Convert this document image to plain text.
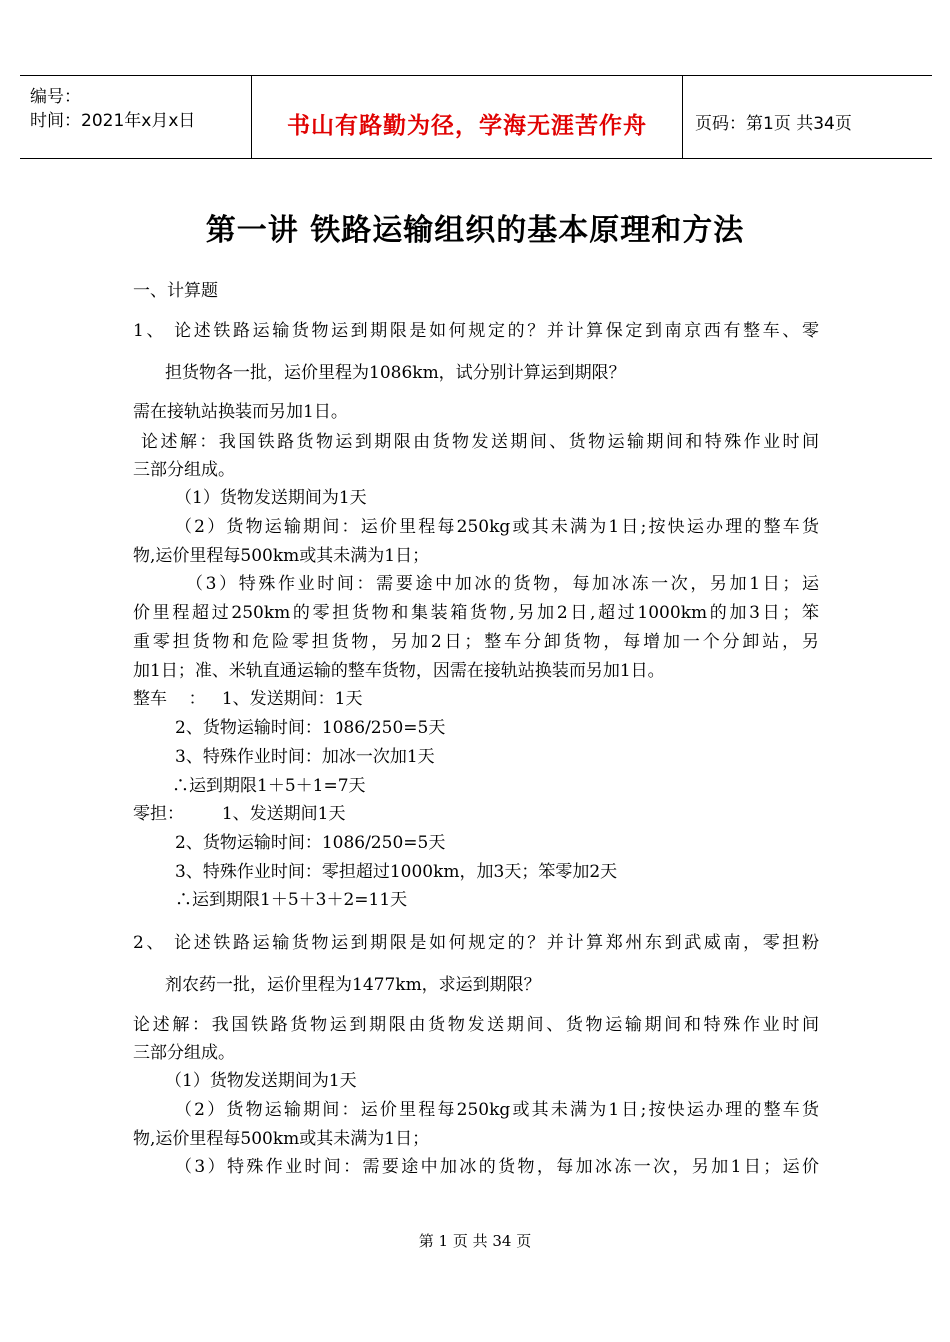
编号：
时间：2021年x月x日	书山有路勤为径，学海无涯苦作舟	页码：第1页 共34页
第一讲 铁路运输组织的基本原理和方法
一、计算题
1、 论述铁路运输货物运到期限是如何规定的？并计算保定到南京西有整车、零
担货物各一批，运价里程为1086km，试分别计算运到期限？
需在接轨站换装而另加1日。
论述解：我国铁路货物运到期限由货物发送期间、货物运输期间和特殊作业时间
三部分组成。
（1）货物发送期间为1天
（2）货物运输期间：运价里程每250kg或其未满为1日;按快运办理的整车货
物,运价里程每500km或其未满为1日；
（3）特殊作业时间：需要途中加冰的货物，每加冰冻一次，另加1日；运
价里程超过250km的零担货物和集装箱货物,另加2日,超过1000km的加3日；笨
重零担货物和危险零担货物，另加2日；整车分卸货物，每增加一个分卸站，另
加1日；准、米轨直通运输的整车货物，因需在接轨站换装而另加1日。
整车    ：   1、发送期间：1天
2、货物运输时间：1086/250=5天
3、特殊作业时间：加冰一次加1天
∴运到期限1＋5＋1=7天
零担：       1、发送期间1天
2、货物运输时间：1086/250=5天
3、特殊作业时间：零担超过1000km，加3天；笨零加2天
∴运到期限1＋5＋3＋2=11天
2、 论述铁路运输货物运到期限是如何规定的？并计算郑州东到武威南，零担粉
剂农药一批，运价里程为1477km，求运到期限？
论述解：我国铁路货物运到期限由货物发送期间、货物运输期间和特殊作业时间
三部分组成。
（1）货物发送期间为1天
（2）货物运输期间：运价里程每250kg或其未满为1日;按快运办理的整车货
物,运价里程每500km或其未满为1日；
（3）特殊作业时间：需要途中加冰的货物，每加冰冻一次，另加1日；运价
第 1 页 共 34 页
